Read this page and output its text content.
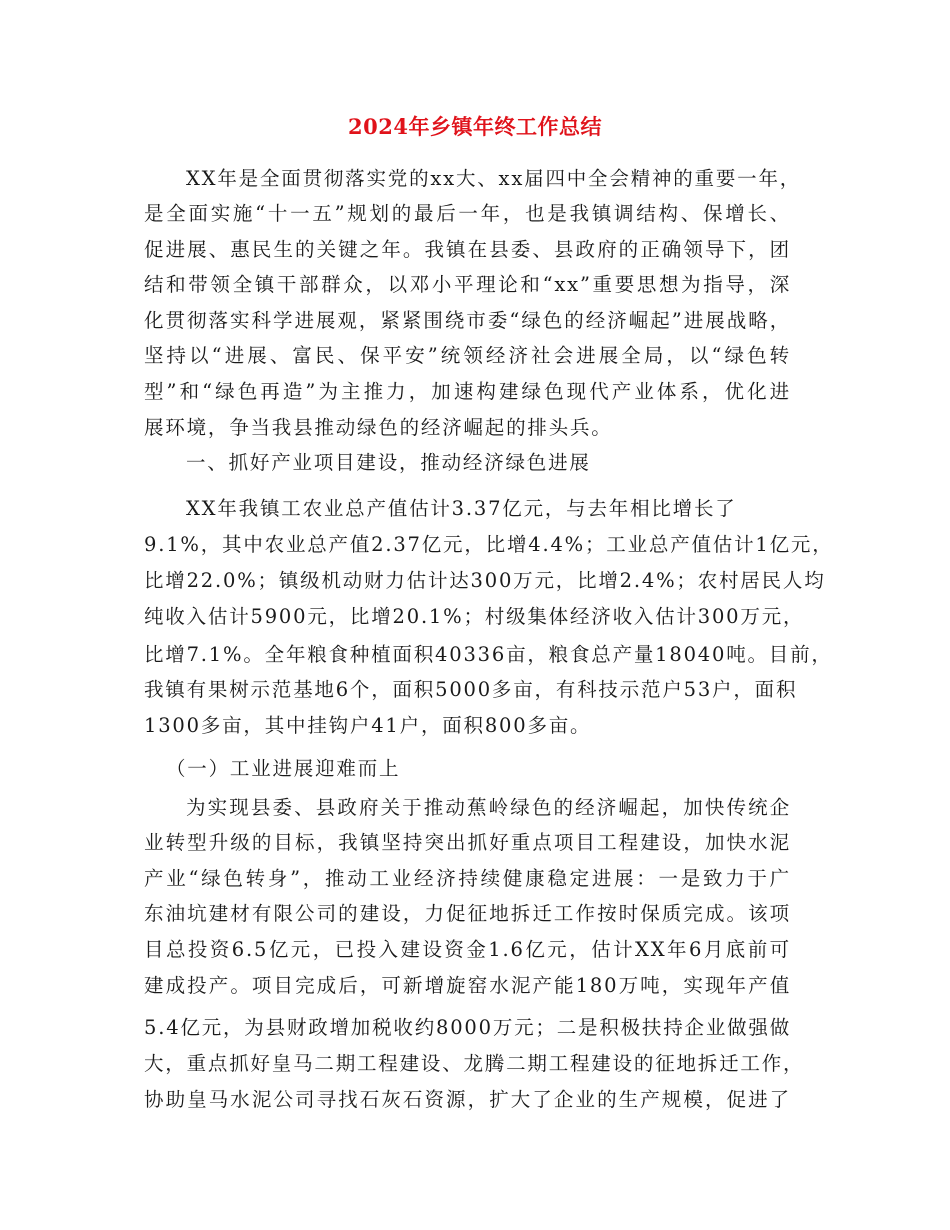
2024年乡镇年终工作总结
XX年是全面贯彻落实党的xx大、xx届四中全会精神的重要一年，
是全面实施“十一五”规划的最后一年，也是我镇调结构、保增长、
促进展、惠民生的关键之年。我镇在县委、县政府的正确领导下，团
结和带领全镇干部群众，以邓小平理论和“xx”重要思想为指导，深
化贯彻落实科学进展观，紧紧围绕市委“绿色的经济崛起”进展战略，
坚持以“进展、富民、保平安”统领经济社会进展全局，以“绿色转
型”和“绿色再造”为主推力，加速构建绿色现代产业体系，优化进
展环境，争当我县推动绿色的经济崛起的排头兵。
一、抓好产业项目建设，推动经济绿色进展
XX年我镇工农业总产值估计3.37亿元，与去年相比增长了
9.1%，其中农业总产值2.37亿元，比增4.4%；工业总产值估计1亿元，
比增22.0%；镇级机动财力估计达300万元，比增2.4%；农村居民人均
纯收入估计5900元，比增20.1%；村级集体经济收入估计300万元，
比增7.1%。全年粮食种植面积40336亩，粮食总产量18040吨。目前，
我镇有果树示范基地6个，面积5000多亩，有科技示范户53户，面积
1300多亩，其中挂钩户41户，面积800多亩。
（一）工业进展迎难而上
为实现县委、县政府关于推动蕉岭绿色的经济崛起，加快传统企
业转型升级的目标，我镇坚持突出抓好重点项目工程建设，加快水泥
产业“绿色转身”，推动工业经济持续健康稳定进展：一是致力于广
东油坑建材有限公司的建设，力促征地拆迁工作按时保质完成。该项
目总投资6.5亿元，已投入建设资金1.6亿元，估计XX年6月底前可
建成投产。项目完成后，可新增旋窑水泥产能180万吨，实现年产值
5.4亿元，为县财政增加税收约8000万元；二是积极扶持企业做强做
大，重点抓好皇马二期工程建设、龙腾二期工程建设的征地拆迁工作，
协助皇马水泥公司寻找石灰石资源，扩大了企业的生产规模，促进了
